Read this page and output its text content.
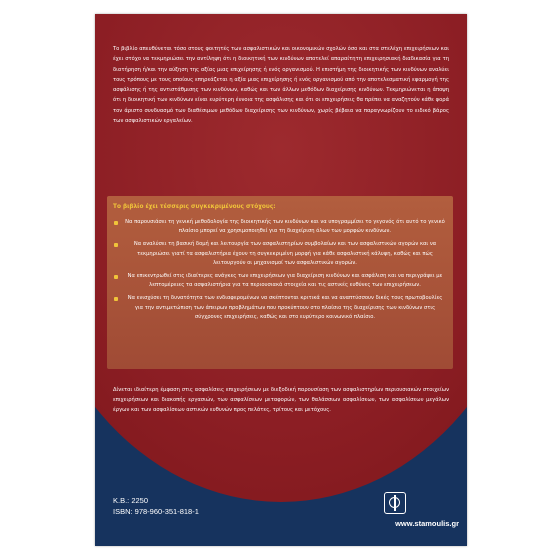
Το βιβλίο απευθύνεται τόσο στους φοιτητές των ασφαλιστικών και οικονομικών σχολών όσο και στα στελέχη επιχειρήσεων και έχει στόχο να τεκμηριώσει την αντίληψη ότι η διοικητική των κινδύνων αποτελεί απαραίτητη επιχειρησιακή διαδικασία για τη διατήρηση ή/και την αύξηση της αξίας μιας επιχείρησης ή ενός οργανισμού. Η επιστήμη της διοικητικής των κινδύνων αναλύει τους τρόπους με τους οποίους επηρεάζεται η αξία μιας επιχείρησης ή ενός οργανισμού από την αποτελεσματική εφαρμογή της ασφάλισης ή της αντιστάθμισης των κινδύνων, καθώς και των άλλων μεθόδων διαχείρισης κινδύνων. Τεκμηριώνεται η άποψη ότι η διοικητική των κινδύνων είναι ευρύτερη έννοια της ασφάλισης και ότι οι επιχειρήσεις θα πρέπει να αναζητούν κάθε φορά τον άριστο συνδυασμό των διαθέσιμων μεθόδων διαχείρισης των κινδύνων, χωρίς βέβαια να παραγνωρίζουν το ειδικό βάρος των ασφαλιστικών εργαλείων.

Το βιβλίο έχει τέσσερις συγκεκριμένους στόχους:

Να παρουσιάσει τη γενική μεθοδολογία της διοικητικής των κινδύνων και να υπογραμμίσει το γεγονός ότι αυτό το γενικό πλαίσιο μπορεί να χρησιμοποιηθεί για τη διαχείριση όλων των μορφών κινδύνων.
Να αναλύσει τη βασική δομή και λειτουργία των ασφαλιστηρίων συμβολαίων και των ασφαλιστικών αγορών και να τεκμηριώσει γιατί τα ασφαλιστήρια έχουν τη συγκεκριμένη μορφή για κάθε ασφαλιστική κάλυψη, καθώς και πώς λειτουργούν οι μηχανισμοί των ασφαλιστικών αγορών.
Να επικεντρωθεί στις ιδιαίτερες ανάγκες των επιχειρήσεων για διαχείριση κινδύνων και ασφάλιση και να περιγράψει με λεπτομέρειες τα ασφαλιστήρια για τα περιουσιακά στοιχεία και τις αστικές ευθύνες των επιχειρήσεων.
Να ενισχύσει τη δυνατότητα των ενδιαφερομένων να σκέπτονται κριτικά και να αναπτύσσουν δικές τους πρωτοβουλίες για την αντιμετώπιση των άπειρων προβλημάτων που προκύπτουν στο πλαίσιο της διαχείρισης των κινδύνων στις σύγχρονες επιχειρήσεις, καθώς και στο ευρύτερο κοινωνικό πλαίσιο.

Δίνεται ιδιαίτερη έμφαση στις ασφαλίσεις επιχειρήσεων με διεξοδική παρουσίαση των ασφαλιστηρίων περιουσιακών στοιχείων επιχειρήσεων και διακοπής εργασιών, των ασφαλίσεων μεταφορών, των θαλάσσιων ασφαλίσεων, των ασφαλίσεων μεγάλων έργων και των ασφαλίσεων αστικών ευθυνών προς πελάτες, τρίτους και μετόχους.

Κ.Β.: 2250
ISBN: 978-960-351-818-1
www.stamoulis.gr
